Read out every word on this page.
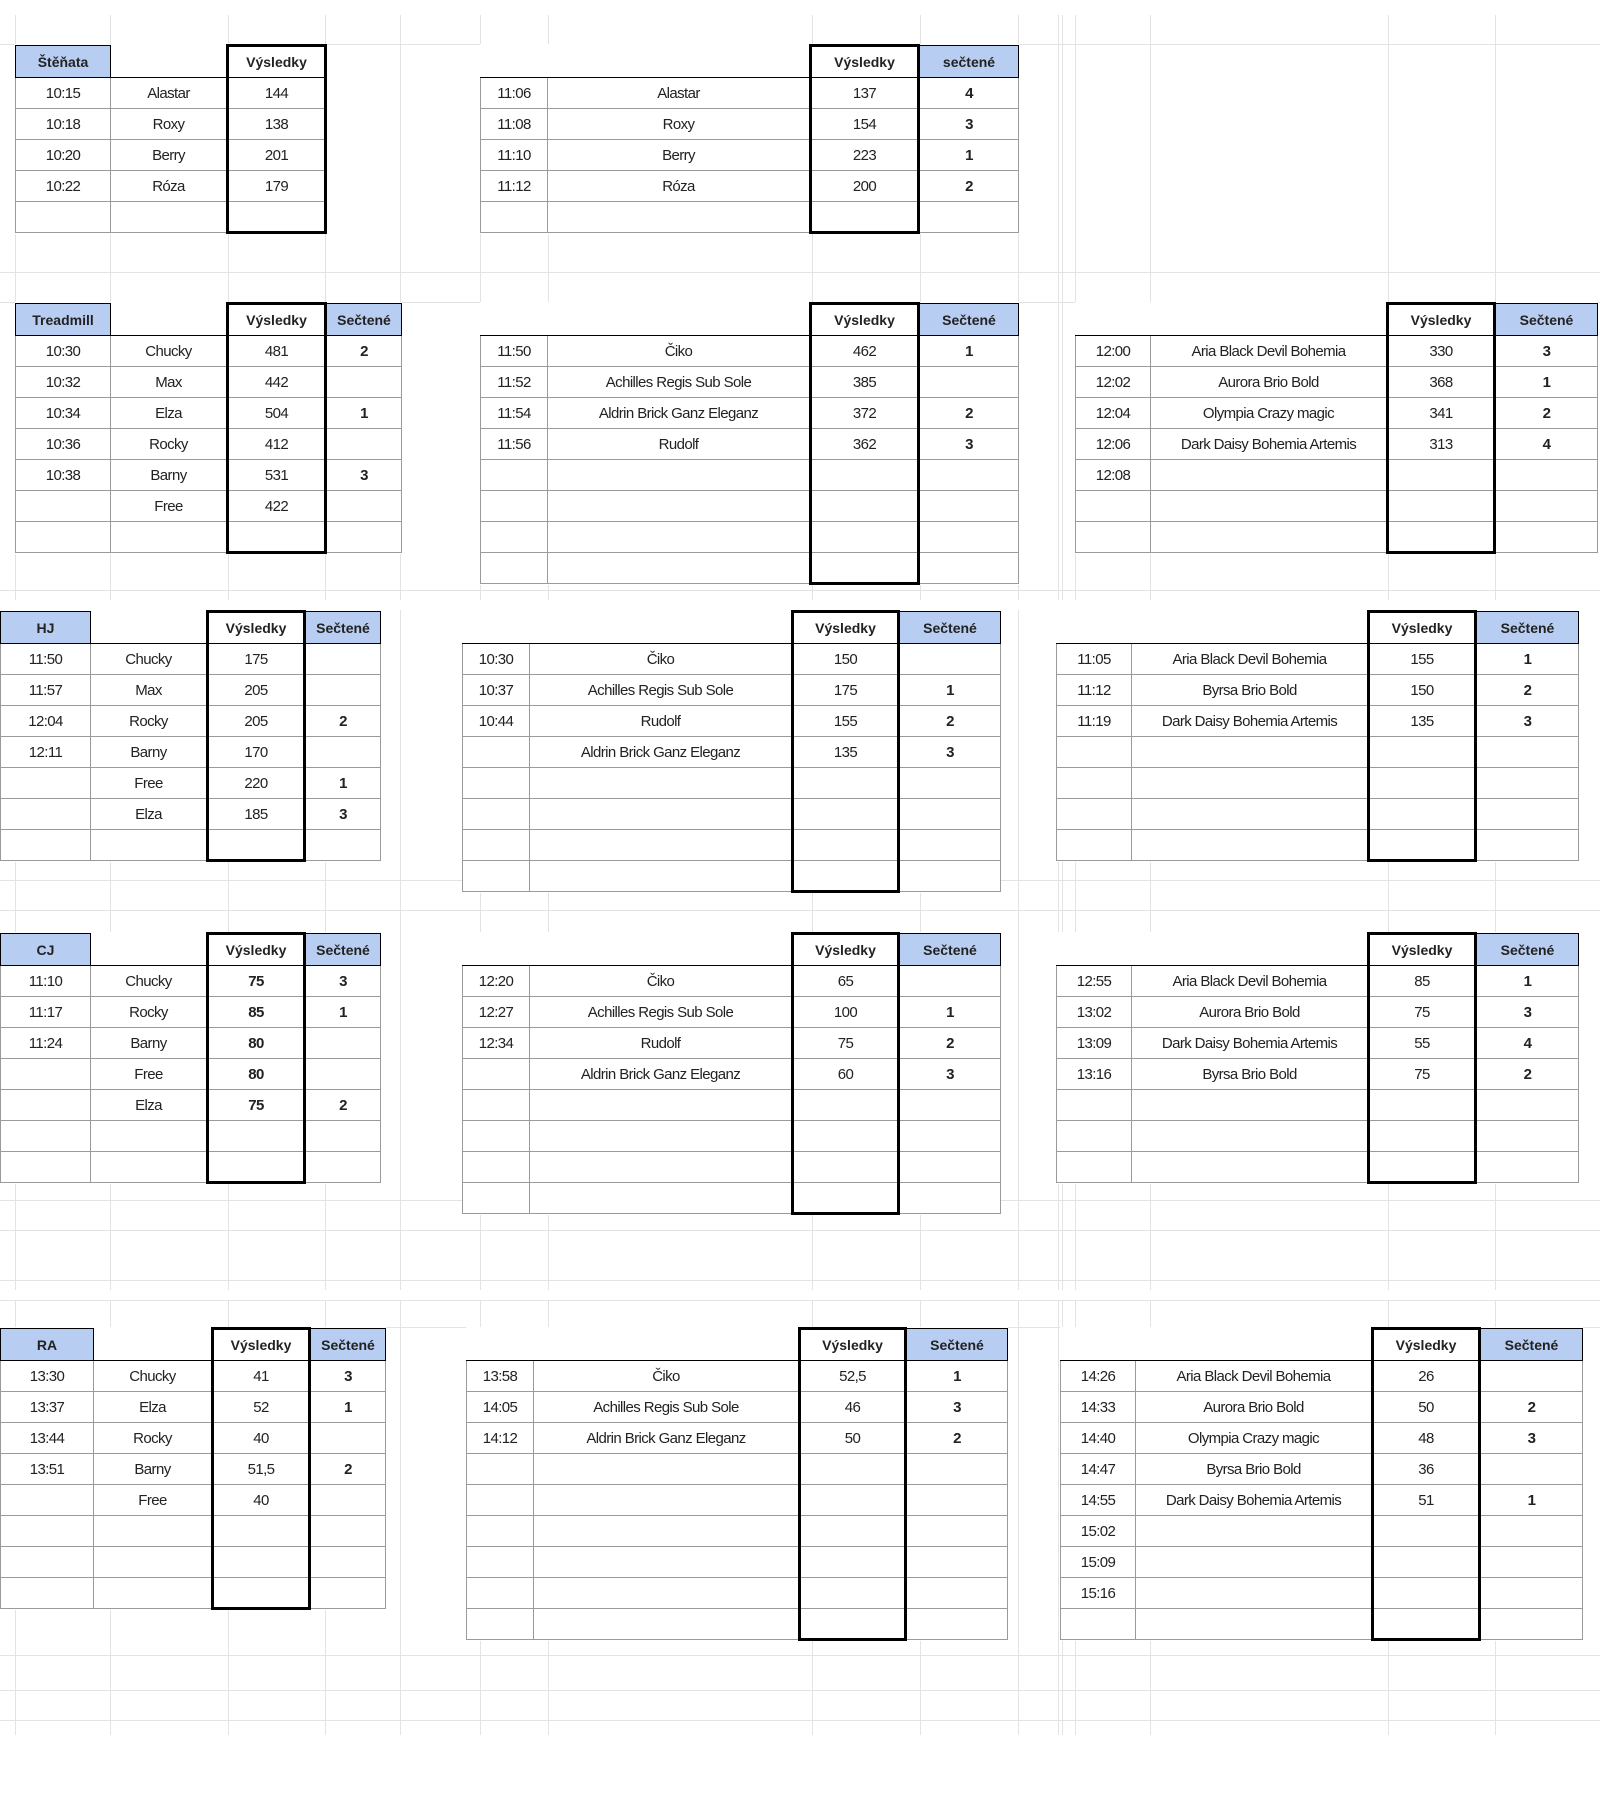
Štěňata		Výsledky
10:15	Alastar	144
10:18	Roxy	138
10:20	Berry	201
10:22	Róza	179

		Výsledky	sečtené
11:06	Alastar	137	4
11:08	Roxy	154	3
11:10	Berry	223	1
11:12	Róza	200	2

Treadmill		Výsledky	Sečtené
10:30	Chucky	481	2
10:32	Max	442	
10:34	Elza	504	1
10:36	Rocky	412	
10:38	Barny	531	3
	Free	422	

		Výsledky	Sečtené
11:50	Čiko	462	1
11:52	Achilles Regis Sub Sole	385	
11:54	Aldrin Brick Ganz Eleganz	372	2
11:56	Rudolf	362	3

		Výsledky	Sečtené
12:00	Aria Black Devil Bohemia	330	3
12:02	Aurora Brio Bold	368	1
12:04	Olympia Crazy magic	341	2
12:06	Dark Daisy Bohemia Artemis	313	4
12:08			

HJ		Výsledky	Sečtené
11:50	Chucky	175	
11:57	Max	205	
12:04	Rocky	205	2
12:11	Barny	170	
	Free	220	1
	Elza	185	3

		Výsledky	Sečtené
10:30	Čiko	150	
10:37	Achilles Regis Sub Sole	175	1
10:44	Rudolf	155	2
	Aldrin Brick Ganz Eleganz	135	3

		Výsledky	Sečtené
11:05	Aria Black Devil Bohemia	155	1
11:12	Byrsa Brio Bold	150	2
11:19	Dark Daisy Bohemia Artemis	135	3

CJ		Výsledky	Sečtené
11:10	Chucky	75	3
11:17	Rocky	85	1
11:24	Barny	80	
	Free	80	
	Elza	75	2

		Výsledky	Sečtené
12:20	Čiko	65	
12:27	Achilles Regis Sub Sole	100	1
12:34	Rudolf	75	2
	Aldrin Brick Ganz Eleganz	60	3

		Výsledky	Sečtené
12:55	Aria Black Devil Bohemia	85	1
13:02	Aurora Brio Bold	75	3
13:09	Dark Daisy Bohemia Artemis	55	4
13:16	Byrsa Brio Bold	75	2

RA		Výsledky	Sečtené
13:30	Chucky	41	3
13:37	Elza	52	1
13:44	Rocky	40	
13:51	Barny	51,5	2
	Free	40	

		Výsledky	Sečtené
13:58	Čiko	52,5	1
14:05	Achilles Regis Sub Sole	46	3
14:12	Aldrin Brick Ganz Eleganz	50	2

		Výsledky	Sečtené
14:26	Aria Black Devil Bohemia	26	
14:33	Aurora Brio Bold	50	2
14:40	Olympia Crazy magic	48	3
14:47	Byrsa Brio Bold	36	
14:55	Dark Daisy Bohemia Artemis	51	1
15:02			
15:09			
15:16			
